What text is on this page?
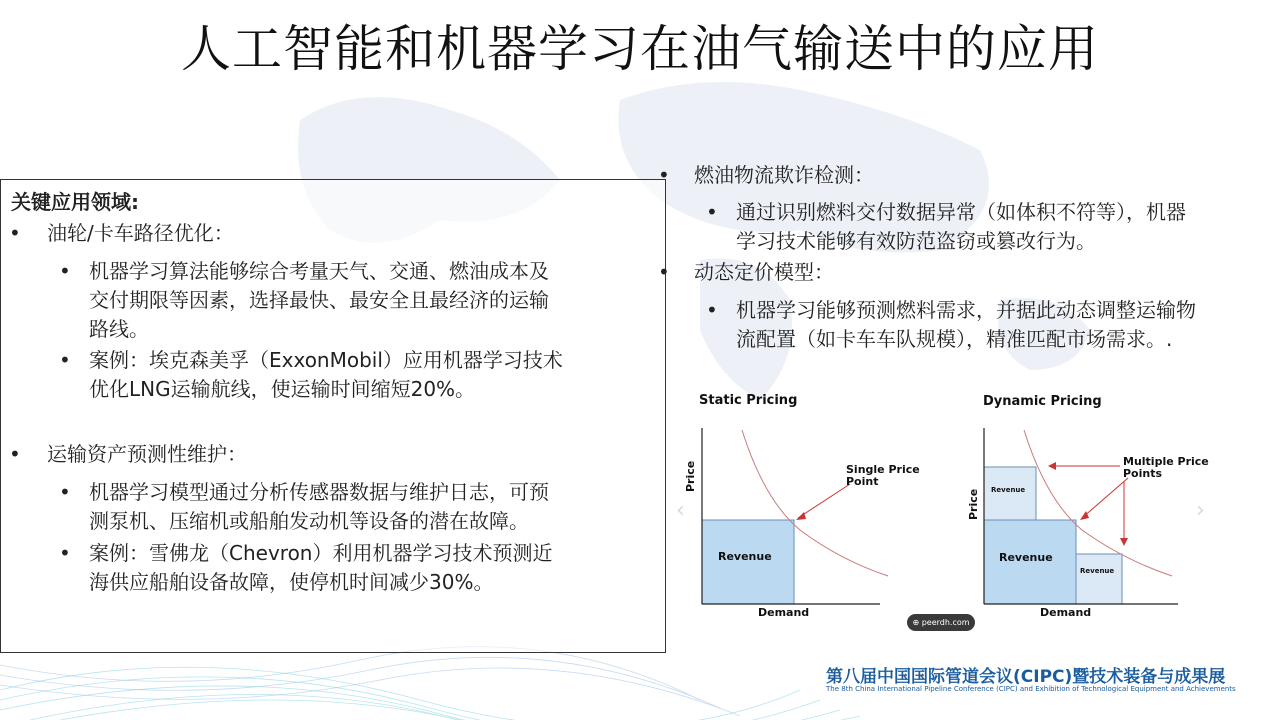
人工智能和机器学习在油气输送中的应用
关键应用领域:
• 油轮/卡车路径优化：
• 机器学习算法能够综合考量天气、交通、燃油成本及
交付期限等因素，选择最快、最安全且最经济的运输
路线。
• 案例：埃克森美孚（ExxonMobil）应用机器学习技术
优化LNG运输航线，使运输时间缩短20%。
• 运输资产预测性维护：
• 机器学习模型通过分析传感器数据与维护日志，可预
测泵机、压缩机或船舶发动机等设备的潜在故障。
• 案例：雪佛龙（Chevron）利用机器学习技术预测近
海供应船舶设备故障，使停机时间减少30%。
• 燃油物流欺诈检测：
• 通过识别燃料交付数据异常（如体积不符等），机器
学习技术能够有效防范盗窃或篡改行为。
• 动态定价模型：
• 机器学习能够预测燃料需求，并据此动态调整运输物
流配置（如卡车车队规模），精准匹配市场需求。.
Static Pricing
Price
Demand
Revenue
Single Price
Point
Dynamic Pricing
Price
Demand
Revenue
Revenue
Revenue
Multiple Price
Points
‹	›
⊕ peerdh.com
第八届中国国际管道会议(CIPC)暨技术装备与成果展
The 8th China International Pipeline Conference (CIPC) and Exhibition of Technological Equipment and Achievements
